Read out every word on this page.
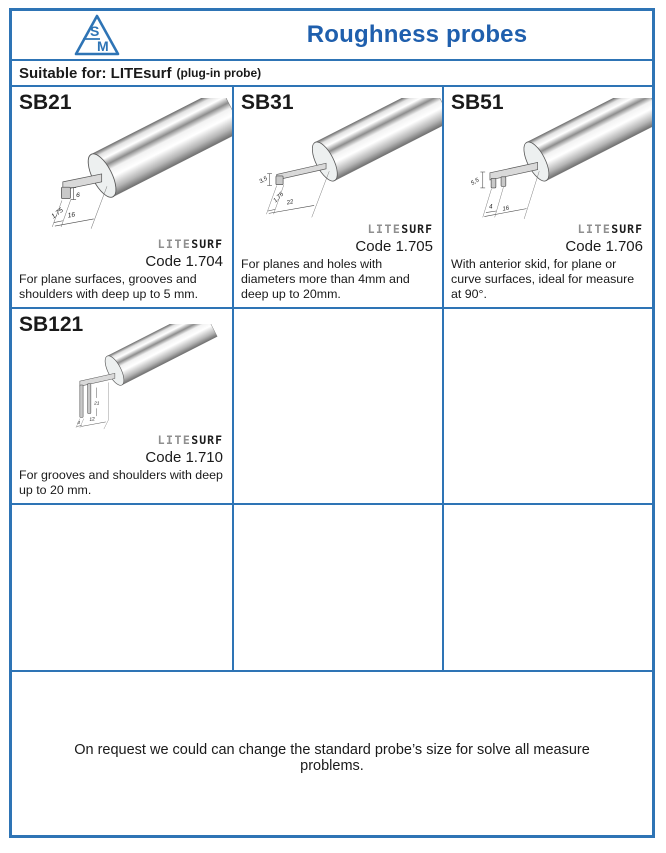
S
M	Roughness probes
Suitable for: LITEsurf (plug-in probe)
SB21
6
1.75 16
LITESURF
Code 1.704
For plane surfaces, grooves and shoulders with deep up to 5 mm.
SB31
3,5
1.75 22
LITESURF
Code 1.705
For planes and holes with diameters more than 4mm and deep up to 20mm.
SB51
5,5
4 16
LITESURF
Code 1.706
With anterior skid, for plane or curve surfaces, ideal for measure at 90°.
SB121
21
4
12
LITESURF
Code 1.710
For grooves and shoulders with deep up to 20 mm.

On request we could can change the standard probe’s size for solve all measure problems.
